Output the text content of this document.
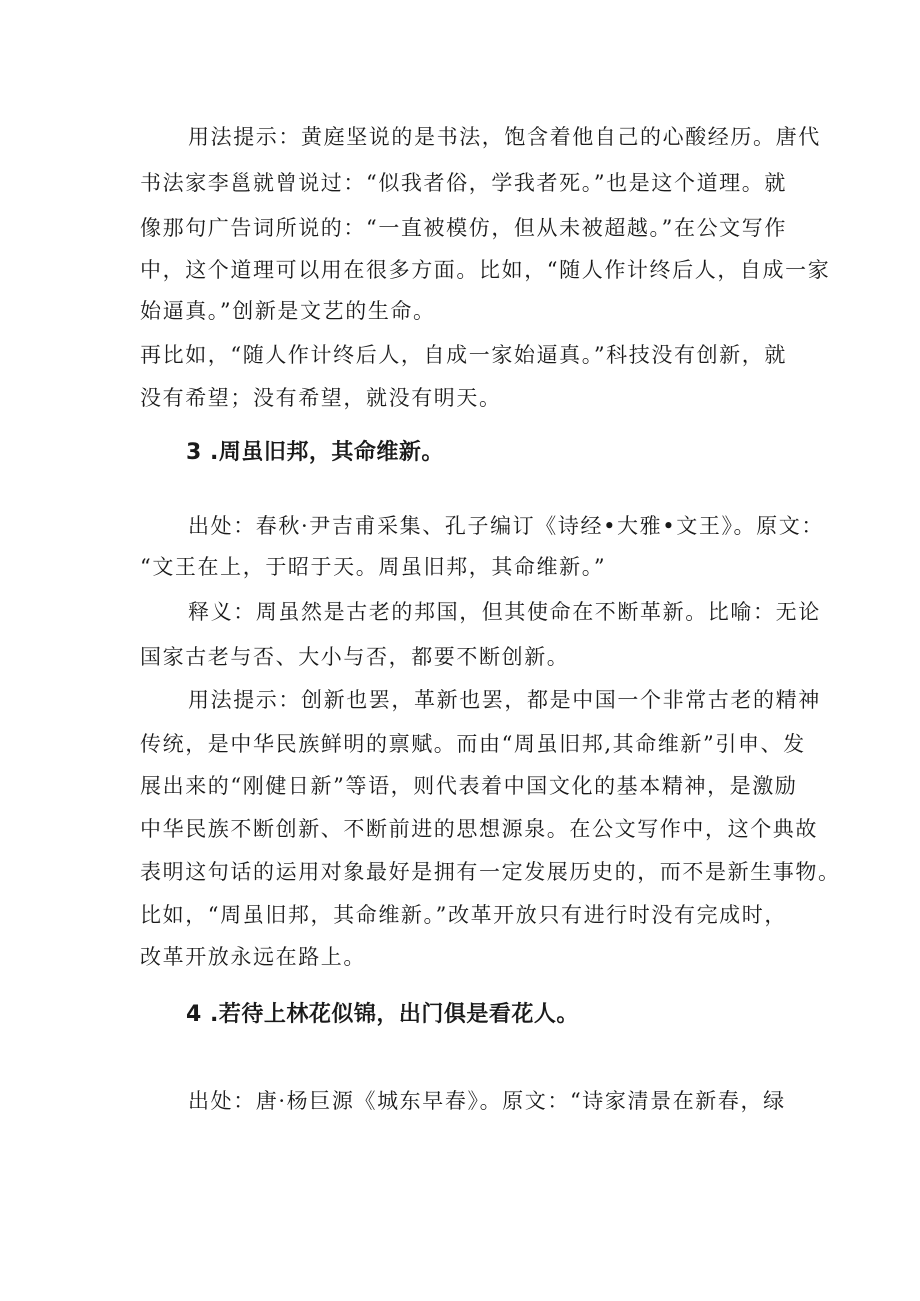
用法提示：黄庭坚说的是书法，饱含着他自己的心酸经历。唐代
书法家李邕就曾说过：“似我者俗，学我者死。”也是这个道理。就
像那句广告词所说的：“一直被模仿，但从未被超越。”在公文写作
中，这个道理可以用在很多方面。比如，“随人作计终后人，自成一家
始逼真。”创新是文艺的生命。
再比如，“随人作计终后人，自成一家始逼真。”科技没有创新，就
没有希望；没有希望，就没有明天。
3 .周虽旧邦，其命维新。
出处：春秋·尹吉甫采集、孔子编订《诗经•大雅•文王》。原文：
“文王在上，于昭于天。周虽旧邦，其命维新。”
释义：周虽然是古老的邦国，但其使命在不断革新。比喻：无论
国家古老与否、大小与否，都要不断创新。
用法提示：创新也罢，革新也罢，都是中国一个非常古老的精神
传统，是中华民族鲜明的禀赋。而由“周虽旧邦,其命维新”引申、发
展出来的“刚健日新”等语，则代表着中国文化的基本精神，是激励
中华民族不断创新、不断前进的思想源泉。在公文写作中，这个典故
表明这句话的运用对象最好是拥有一定发展历史的，而不是新生事物。
比如，“周虽旧邦，其命维新。”改革开放只有进行时没有完成时，
改革开放永远在路上。
4 .若待上林花似锦，出门俱是看花人。
出处：唐·杨巨源《城东早春》。原文：“诗家清景在新春，绿
